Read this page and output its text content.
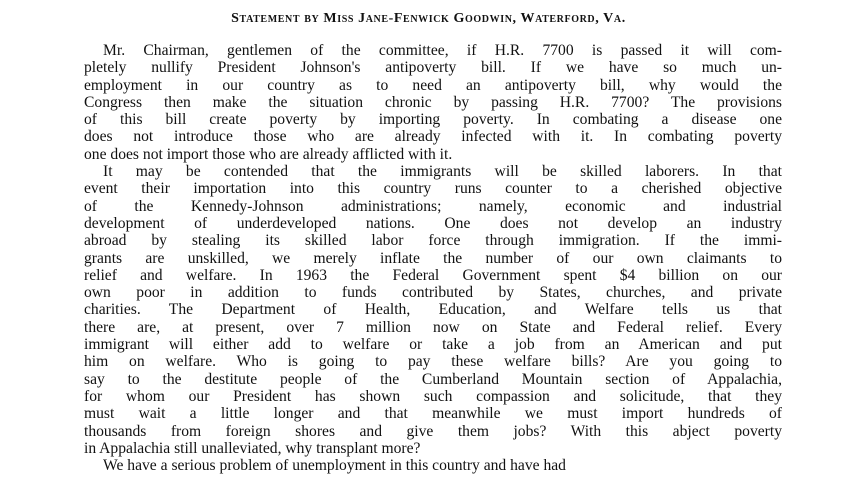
Statement by Miss Jane-Fenwick Goodwin, Waterford, Va.
Mr. Chairman, gentlemen of the committee, if H.R. 7700 is passed it will com-
pletely nullify President Johnson's antipoverty bill. If we have so much un-
employment in our country as to need an antipoverty bill, why would the
Congress then make the situation chronic by passing H.R. 7700? The provisions
of this bill create poverty by importing poverty. In combating a disease one
does not introduce those who are already infected with it. In combating poverty
one does not import those who are already afflicted with it.
It may be contended that the immigrants will be skilled laborers. In that
event their importation into this country runs counter to a cherished objective
of the Kennedy-Johnson administrations; namely, economic and industrial
development of underdeveloped nations. One does not develop an industry
abroad by stealing its skilled labor force through immigration. If the immi-
grants are unskilled, we merely inflate the number of our own claimants to
relief and welfare. In 1963 the Federal Government spent $4 billion on our
own poor in addition to funds contributed by States, churches, and private
charities. The Department of Health, Education, and Welfare tells us that
there are, at present, over 7 million now on State and Federal relief. Every
immigrant will either add to welfare or take a job from an American and put
him on welfare. Who is going to pay these welfare bills? Are you going to
say to the destitute people of the Cumberland Mountain section of Appalachia,
for whom our President has shown such compassion and solicitude, that they
must wait a little longer and that meanwhile we must import hundreds of
thousands from foreign shores and give them jobs? With this abject poverty
in Appalachia still unalleviated, why transplant more?
We have a serious problem of unemployment in this country and have had
